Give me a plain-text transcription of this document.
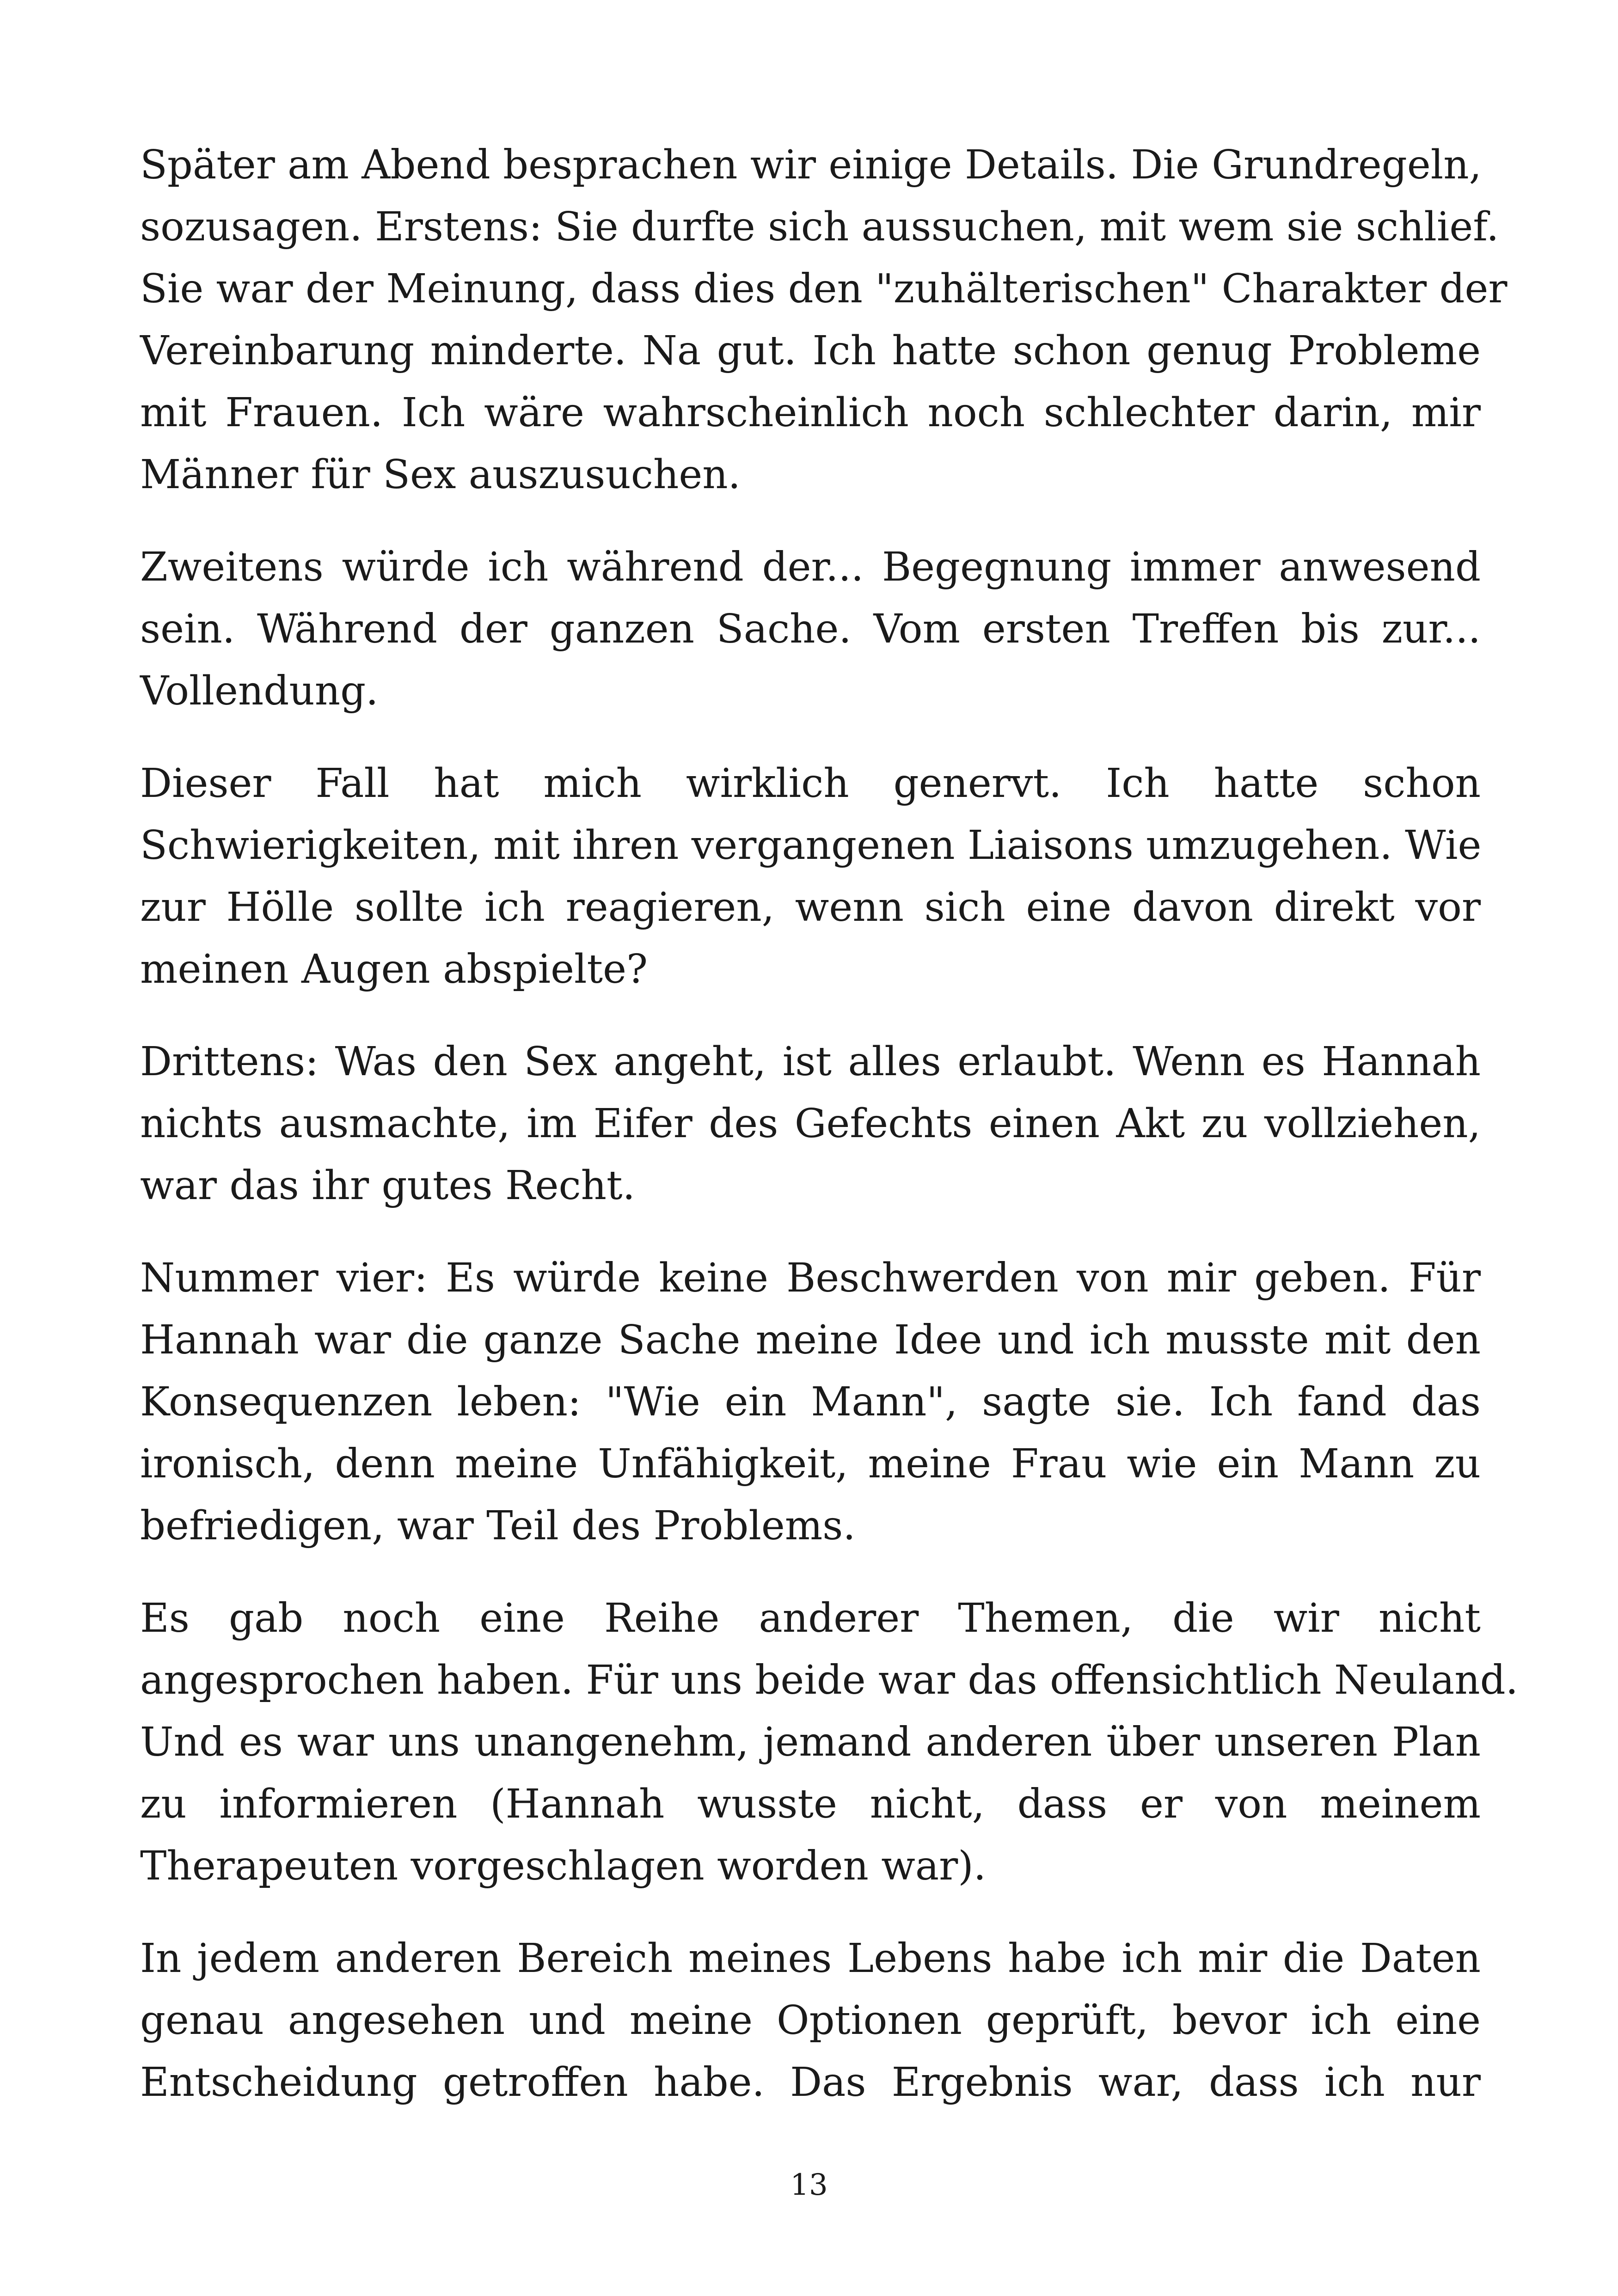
Später am Abend besprachen wir einige Details. Die Grundregeln,
sozusagen. Erstens: Sie durfte sich aussuchen, mit wem sie schlief.
Sie war der Meinung, dass dies den "zuhälterischen" Charakter der
Vereinbarung minderte. Na gut. Ich hatte schon genug Probleme
mit Frauen. Ich wäre wahrscheinlich noch schlechter darin, mir
Männer für Sex auszusuchen.

Zweitens würde ich während der... Begegnung immer anwesend
sein. Während der ganzen Sache. Vom ersten Treffen bis zur...
Vollendung.

Dieser Fall hat mich wirklich genervt. Ich hatte schon
Schwierigkeiten, mit ihren vergangenen Liaisons umzugehen. Wie
zur Hölle sollte ich reagieren, wenn sich eine davon direkt vor
meinen Augen abspielte?

Drittens: Was den Sex angeht, ist alles erlaubt. Wenn es Hannah
nichts ausmachte, im Eifer des Gefechts einen Akt zu vollziehen,
war das ihr gutes Recht.

Nummer vier: Es würde keine Beschwerden von mir geben. Für
Hannah war die ganze Sache meine Idee und ich musste mit den
Konsequenzen leben: "Wie ein Mann", sagte sie. Ich fand das
ironisch, denn meine Unfähigkeit, meine Frau wie ein Mann zu
befriedigen, war Teil des Problems.

Es gab noch eine Reihe anderer Themen, die wir nicht
angesprochen haben. Für uns beide war das offensichtlich Neuland.
Und es war uns unangenehm, jemand anderen über unseren Plan
zu informieren (Hannah wusste nicht, dass er von meinem
Therapeuten vorgeschlagen worden war).

In jedem anderen Bereich meines Lebens habe ich mir die Daten
genau angesehen und meine Optionen geprüft, bevor ich eine
Entscheidung getroffen habe. Das Ergebnis war, dass ich nur

13
